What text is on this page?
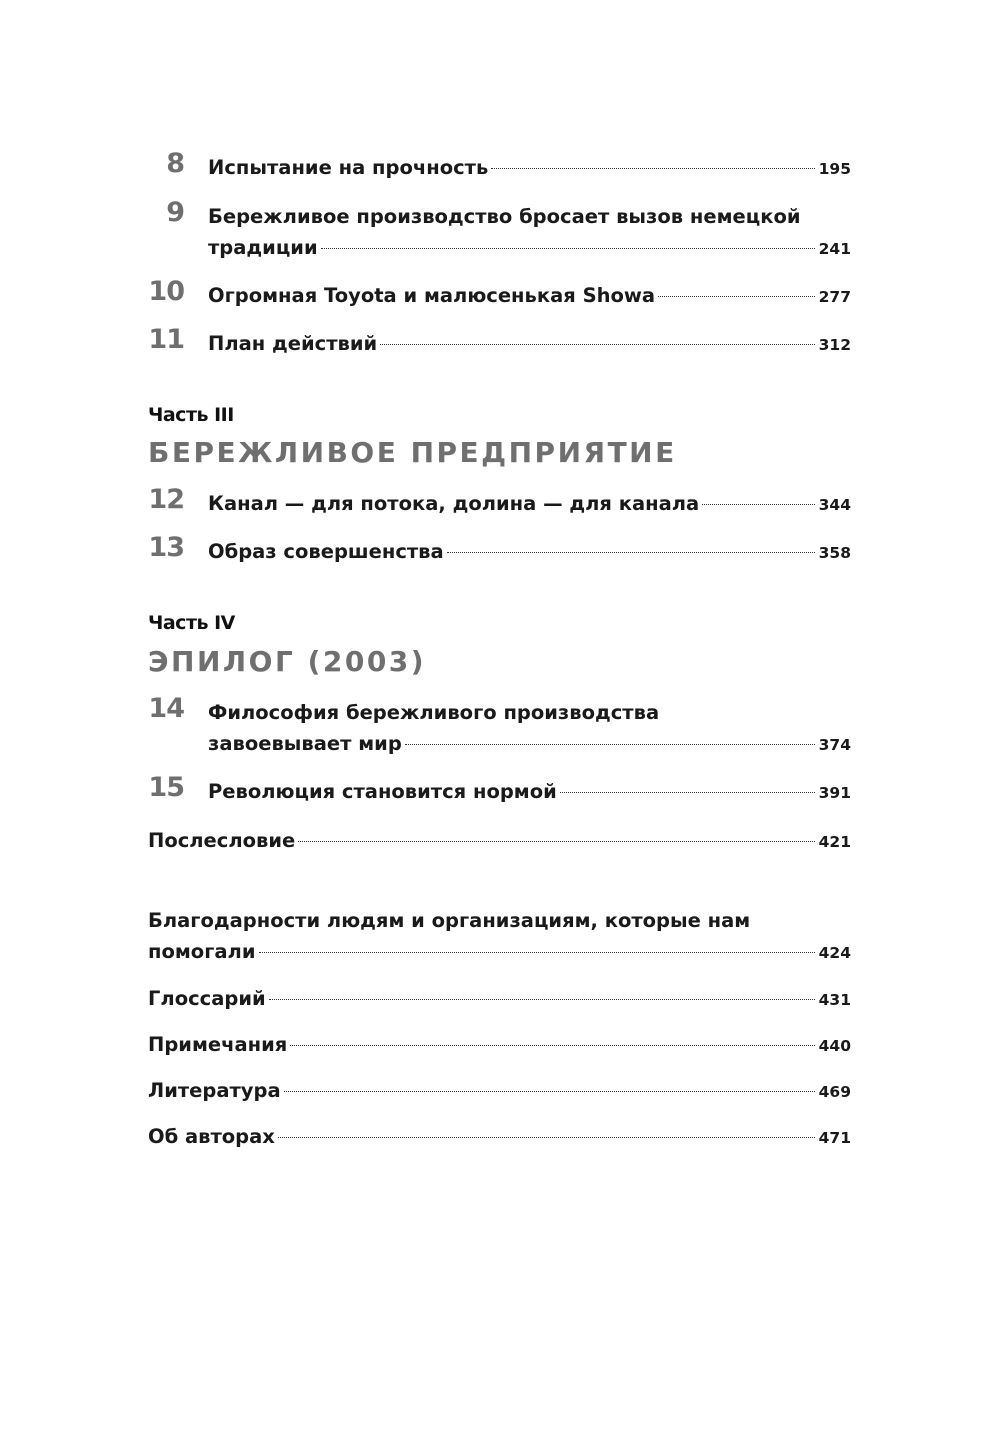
8 Испытание на прочность	195
9 Бережливое производство бросает вызов немецкой
традиции	241
10 Огромная Toyota и малюсенькая Showa	277
11 План действий	312
Часть III
БЕРЕЖЛИВОЕ ПРЕДПРИЯТИЕ
12 Канал — для потока, долина — для канала	344
13 Образ совершенства	358
Часть IV
ЭПИЛОГ (2003)
14 Философия бережливого производства
завоевывает мир	374
15 Революция становится нормой	391
Послесловие	421
Благодарности людям и организациям, которые нам
помогали	424
Глоссарий	431
Примечания	440
Литература	469
Об авторах	471
